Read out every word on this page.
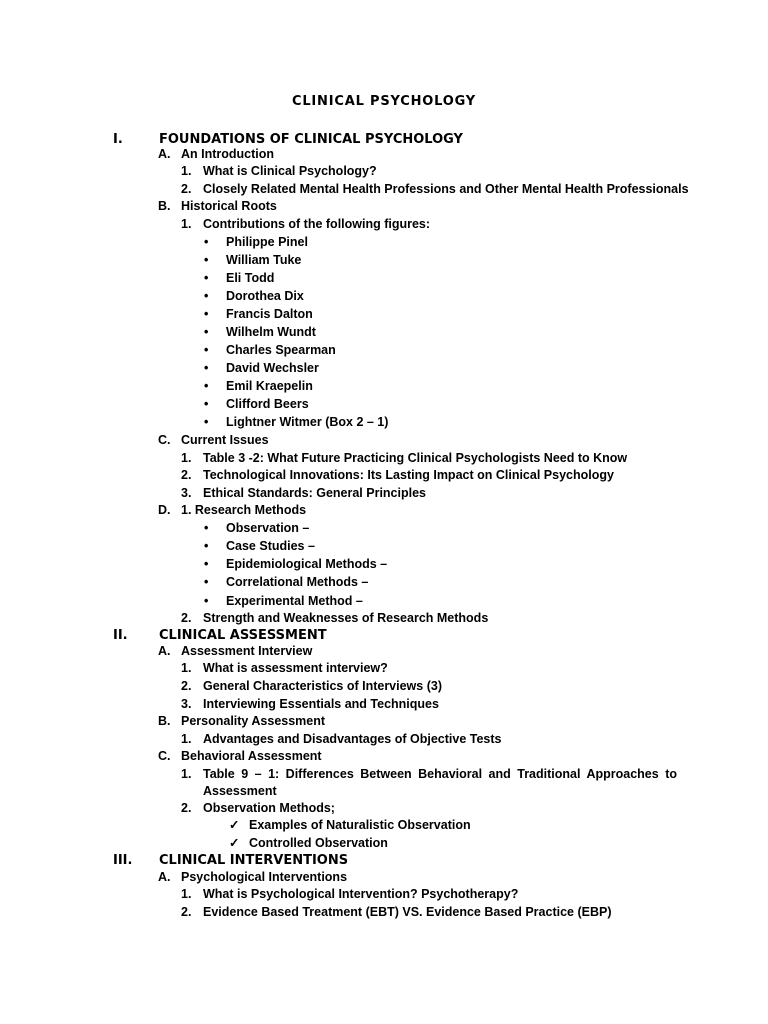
CLINICAL PSYCHOLOGY
I.	FOUNDATIONS OF CLINICAL PSYCHOLOGY
A. An Introduction
1. What is Clinical Psychology?
2. Closely Related Mental Health Professions and Other Mental Health Professionals
B. Historical Roots
1. Contributions of the following figures:
• Philippe Pinel
• William Tuke
• Eli Todd
• Dorothea Dix
• Francis Dalton
• Wilhelm Wundt
• Charles Spearman
• David Wechsler
• Emil Kraepelin
• Clifford Beers
• Lightner Witmer (Box 2 – 1)
C. Current Issues
1. Table 3 -2: What Future Practicing Clinical Psychologists Need to Know
2. Technological Innovations: Its Lasting Impact on Clinical Psychology
3. Ethical Standards: General Principles
D. 1. Research Methods
• Observation –
• Case Studies –
• Epidemiological Methods –
• Correlational Methods –
• Experimental Method –
2. Strength and Weaknesses of Research Methods
II. CLINICAL ASSESSMENT
A. Assessment Interview
1. What is assessment interview?
2. General Characteristics of Interviews (3)
3. Interviewing Essentials and Techniques
B. Personality Assessment
1. Advantages and Disadvantages of Objective Tests
C. Behavioral Assessment
1. Table 9 – 1: Differences Between Behavioral and Traditional Approaches to
Assessment
2. Observation Methods;
✓ Examples of Naturalistic Observation
✓ Controlled Observation
III. CLINICAL INTERVENTIONS
A. Psychological Interventions
1. What is Psychological Intervention? Psychotherapy?
2. Evidence Based Treatment (EBT) VS. Evidence Based Practice (EBP)
